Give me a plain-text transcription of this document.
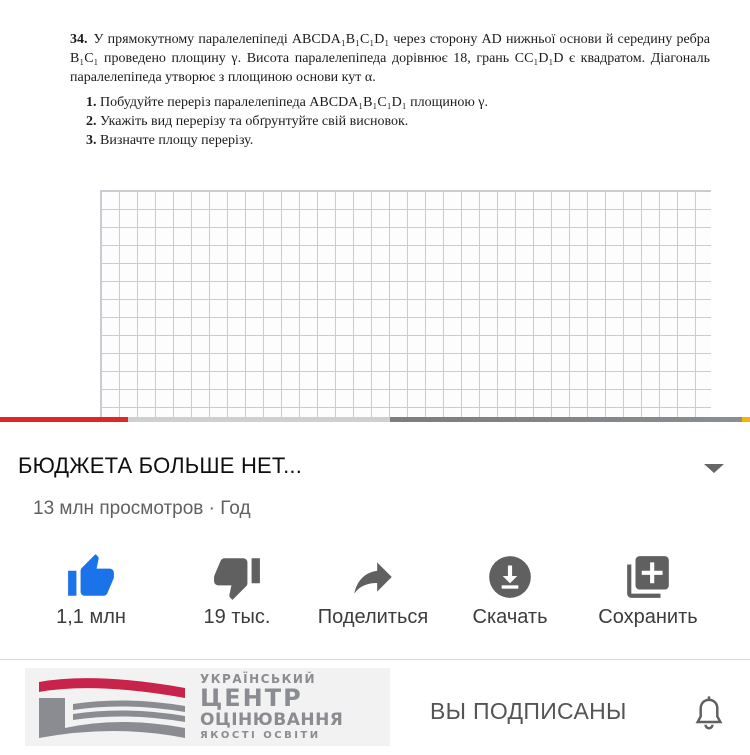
34. У прямокутному паралелепіпеді ABCDA₁B₁C₁D₁ через сторону AD нижньої основи й середину ребра B₁C₁ проведено площину γ. Висота паралелепіпеда дорівнює 18, грань CC₁D₁D є квадратом. Діагональ паралелепіпеда утворює з площиною основи кут α.
1. Побудуйте переріз паралелепіпеда ABCDA₁B₁C₁D₁ площиною γ.
2. Укажіть вид перерізу та обґрунтуйте свій висновок.
3. Визначте площу перерізу.
БЮДЖЕТА БОЛЬШЕ НЕТ...
13 млн просмотров · Год
1,1 млн	19 тыс.	Поделиться	Скачать	Сохранить
УКРАЇНСЬКИЙ
ЦЕНТР
ОЦІНЮВАННЯ
ЯКОСТІ ОСВІТИ
ВЫ ПОДПИСАНЫ
